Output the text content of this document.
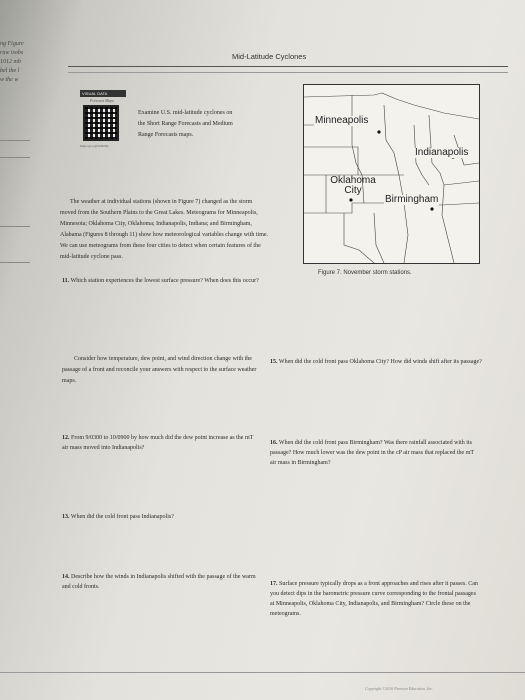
ng Figure
raw isobs
1012 mb
bel the l
w the w
Mid-Latitude Cyclones
VISUAL DATA
Forecast Maps
http://goo.gl/i2Nz8y
Examine U.S. mid-latitude cyclones on the Short Range Forecasts and Medium Range Forecasts maps.
The weather at individual stations (shown in Figure 7) changed as the storm moved from the Southern Plains to the Great Lakes. Meteograms for Minneapolis, Minnesota; Oklahoma City, Oklahoma; Indianapolis, Indiana; and Birmingham, Alabama (Figures 8 through 11) show how meteorological variables change with time. We can use meteograms from these four cities to detect when certain features of the mid-latitude cyclone pass.
Minneapolis
Indianapolis
Oklahoma City
Birmingham
Figure 7. November storm stations.
11. Which station experiences the lowest surface pressure? When does this occur?
Consider how temperature, dew point, and wind direction change with the passage of a front and reconcile your answers with respect to the surface weather maps.
12. From 9/0300 to 10/0900 by how much did the dew point increase as the mT air mass moved into Indianapolis?
13. When did the cold front pass Indianapolis?
14. Describe how the winds in Indianapolis shifted with the passage of the warm and cold fronts.
15. When did the cold front pass Oklahoma City? How did winds shift after its passage?
16. When did the cold front pass Birmingham? Was there rainfall associated with its passage? How much lower was the dew point in the cP air mass that replaced the mT air mass in Birmingham?
17. Surface pressure typically drops as a front approaches and rises after it passes. Can you detect dips in the barometric pressure curve corresponding to the frontal passages at Minneapolis, Oklahoma City, Indianapolis, and Birmingham? Circle these on the meteograms.
Copyright ©2016 Pearson Education, Inc.
